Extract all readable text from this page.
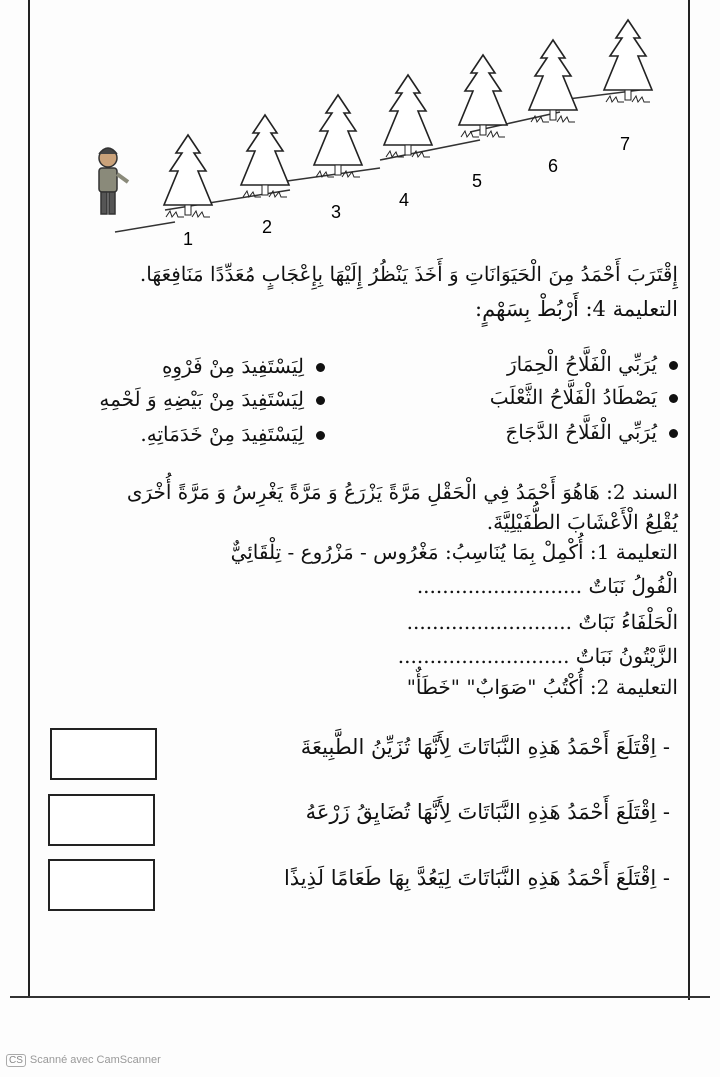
1
2
3
4
5
6
7
إِقْتَرَبَ أَحْمَدُ مِنَ الْحَيَوَانَاتِ وَ أَخَذَ يَنْظُرُ إِلَيْهَا بِإِعْجَابٍ مُعَدِّدًا مَنَافِعَهَا.
التعليمة 4: أَرْبُطْ بِسَهْمٍ:
يُرَبِّي الْفَلَّاحُ الْحِمَارَ
يَصْطَادُ الْفَلَّاحُ الثَّعْلَبَ
يُرَبِّي الْفَلَّاحُ الدَّجَاجَ
لِيَسْتَفِيدَ مِنْ فَرْوِهِ
لِيَسْتَفِيدَ مِنْ بَيْضِهِ وَ لَحْمِهِ
لِيَسْتَفِيدَ مِنْ خَدَمَاتِهِ.
السند 2: هَاهُوَ أَحْمَدُ فِي الْحَقْلِ مَرَّةً يَزْرَعُ وَ مَرَّةً يَغْرِسُ وَ مَرَّةً أُخْرَى
يُقْلِعُ الْأَعْشَابَ الطُّفَيْلِيَّةَ.
التعليمة 1: أُكْمِلْ بِمَا يُنَاسِبُ: مَغْرُوس - مَزْرُوع - تِلْقَائِيٌّ
الْفُولُ نَبَاتٌ ..........................
الْحَلْفَاءُ نَبَاتٌ ..........................
الزَّيْتُونُ نَبَاتٌ ...........................
التعليمة 2: أُكْتُبُ "صَوَابٌ" "خَطَأٌ"
- اِقْتَلَعَ أَحْمَدُ هَذِهِ النَّبَاتَاتَ لِأَنَّهَا تُزَيِّنُ الطَّبِيعَةَ
- اِقْتَلَعَ أَحْمَدُ هَذِهِ النَّبَاتَاتَ لِأَنَّهَا تُضَايِقُ زَرْعَهُ
- اِقْتَلَعَ أَحْمَدُ هَذِهِ النَّبَاتَاتَ لِيَعُدَّ بِهَا طَعَامًا لَذِيذًا
CS Scanné avec CamScanner
